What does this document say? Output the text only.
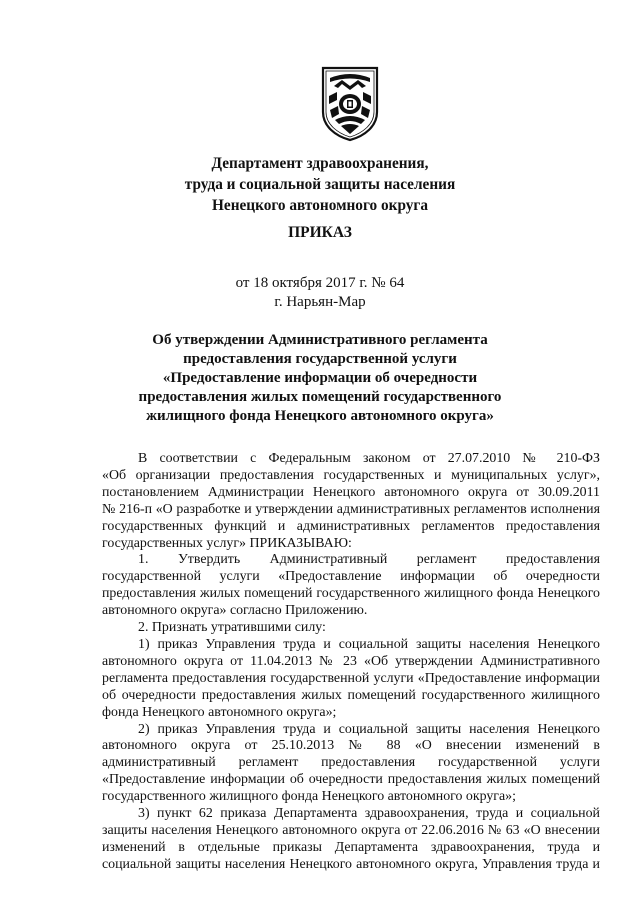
Департамент здравоохранения,
труда и социальной защиты населения
Ненецкого автономного округа
ПРИКАЗ
от 18 октября 2017 г. № 64
г. Нарьян-Мар
Об утверждении Административного регламента
предоставления государственной услуги
«Предоставление информации об очередности
предоставления жилых помещений государственного
жилищного фонда Ненецкого автономного округа»
В соответствии с Федеральным законом от 27.07.2010 № 210-ФЗ
«Об организации предоставления государственных и муниципальных услуг»,
постановлением Администрации Ненецкого автономного округа от 30.09.2011
№ 216-п «О разработке и утверждении административных регламентов исполнения
государственных функций и административных регламентов предоставления
государственных услуг» ПРИКАЗЫВАЮ:
1. Утвердить Административный регламент предоставления
государственной услуги «Предоставление информации об очередности
предоставления жилых помещений государственного жилищного фонда Ненецкого
автономного округа» согласно Приложению.
2. Признать утратившими силу:
1) приказ Управления труда и социальной защиты населения Ненецкого
автономного округа от 11.04.2013 № 23 «Об утверждении Административного
регламента предоставления государственной услуги «Предоставление информации
об очередности предоставления жилых помещений государственного жилищного
фонда Ненецкого автономного округа»;
2) приказ Управления труда и социальной защиты населения Ненецкого
автономного округа от 25.10.2013 № 88 «О внесении изменений в
административный регламент предоставления государственной услуги
«Предоставление информации об очередности предоставления жилых помещений
государственного жилищного фонда Ненецкого автономного округа»;
3) пункт 62 приказа Департамента здравоохранения, труда и социальной
защиты населения Ненецкого автономного округа от 22.06.2016 № 63 «О внесении
изменений в отдельные приказы Департамента здравоохранения, труда и
социальной защиты населения Ненецкого автономного округа, Управления труда и
